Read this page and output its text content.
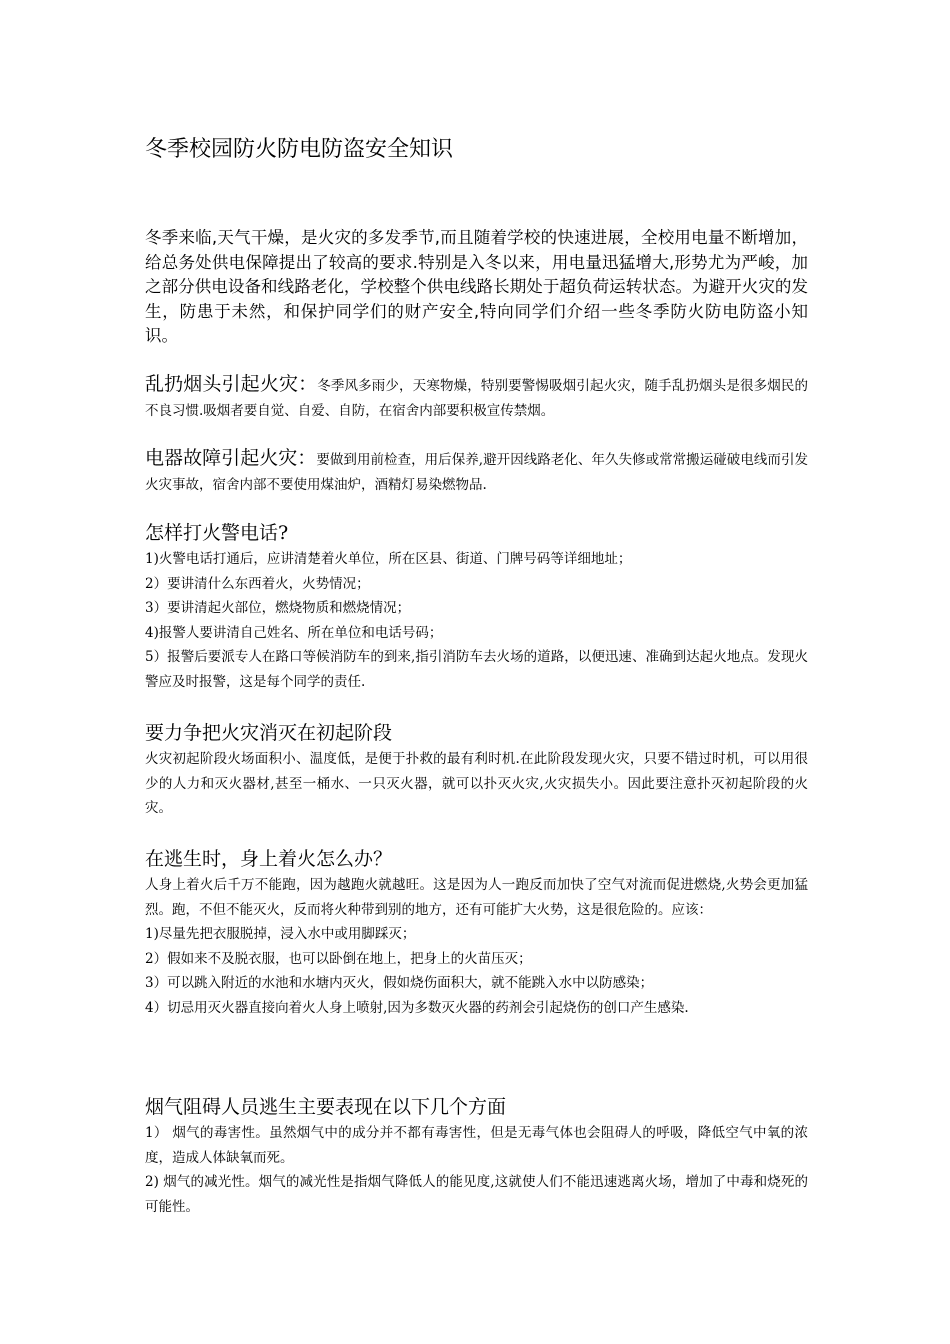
冬季校园防火防电防盗安全知识

冬季来临,天气干燥，是火灾的多发季节,而且随着学校的快速进展，全校用电量不断增加，给总务处供电保障提出了较高的要求.特别是入冬以来，用电量迅猛增大,形势尤为严峻，加之部分供电设备和线路老化，学校整个供电线路长期处于超负荷运转状态。为避开火灾的发生，防患于未然，和保护同学们的财产安全,特向同学们介绍一些冬季防火防电防盗小知识。

乱扔烟头引起火灾：冬季风多雨少，天寒物燥，特别要警惕吸烟引起火灾，随手乱扔烟头是很多烟民的不良习惯.吸烟者要自觉、自爱、自防，在宿舍内部要积极宣传禁烟。

电器故障引起火灾：要做到用前检查，用后保养,避开因线路老化、年久失修或常常搬运碰破电线而引发火灾事故，宿舍内部不要使用煤油炉，酒精灯易染燃物品.

怎样打火警电话?

1)火警电话打通后，应讲清楚着火单位，所在区县、街道、门牌号码等详细地址；

2）要讲清什么东西着火，火势情况；

3）要讲清起火部位，燃烧物质和燃烧情况；

4)报警人要讲清自己姓名、所在单位和电话号码；

5）报警后要派专人在路口等候消防车的到来,指引消防车去火场的道路，以便迅速、准确到达起火地点。发现火警应及时报警，这是每个同学的责任.

要力争把火灾消灭在初起阶段

火灾初起阶段火场面积小、温度低，是便于扑救的最有利时机.在此阶段发现火灾，只要不错过时机，可以用很少的人力和灭火器材,甚至一桶水、一只灭火器，就可以扑灭火灾,火灾损失小。因此要注意扑灭初起阶段的火灾。

在逃生时，身上着火怎么办？

人身上着火后千万不能跑，因为越跑火就越旺。这是因为人一跑反而加快了空气对流而促进燃烧,火势会更加猛烈。跑，不但不能灭火，反而将火种带到别的地方，还有可能扩大火势，这是很危险的。应该：

1)尽量先把衣服脱掉，浸入水中或用脚踩灭；

2）假如来不及脱衣服，也可以卧倒在地上，把身上的火苗压灭；

3）可以跳入附近的水池和水塘内灭火，假如烧伤面积大，就不能跳入水中以防感染；

4）切忌用灭火器直接向着火人身上喷射,因为多数灭火器的药剂会引起烧伤的创口产生感染.

烟气阻碍人员逃生主要表现在以下几个方面

1） 烟气的毒害性。虽然烟气中的成分并不都有毒害性，但是无毒气体也会阻碍人的呼吸，降低空气中氧的浓度，造成人体缺氧而死。

2) 烟气的减光性。烟气的减光性是指烟气降低人的能见度,这就使人们不能迅速逃离火场，增加了中毒和烧死的可能性。
